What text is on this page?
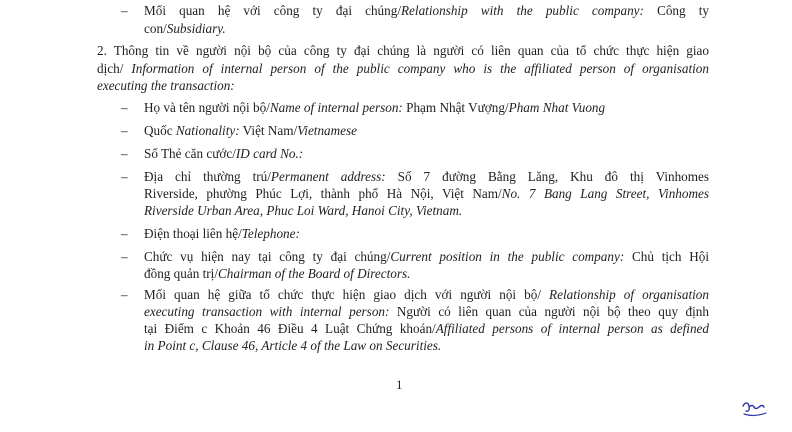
– Mối quan hệ với công ty đại chúng/Relationship with the public company: Công ty
con/Subsidiary.
2. Thông tin về người nội bộ của công ty đại chúng là người có liên quan của tổ chức thực hiện giao
dịch/ Information of internal person of the public company who is the affiliated person of organisation
executing the transaction:
– Họ và tên người nội bộ/Name of internal person: Phạm Nhật Vượng/Pham Nhat Vuong
– Quốc Nationality: Việt Nam/Vietnamese
– Số Thẻ căn cước/ID card No.:
– Địa chỉ thường trú/Permanent address: Số 7 đường Bằng Lăng, Khu đô thị Vinhomes
Riverside, phường Phúc Lợi, thành phố Hà Nội, Việt Nam/No. 7 Bang Lang Street, Vinhomes
Riverside Urban Area, Phuc Loi Ward, Hanoi City, Vietnam.
– Điện thoại liên hệ/Telephone:
– Chức vụ hiện nay tại công ty đại chúng/Current position in the public company: Chủ tịch Hội
đồng quản trị/Chairman of the Board of Directors.
– Mối quan hệ giữa tổ chức thực hiện giao dịch với người nội bộ/ Relationship of organisation
executing transaction with internal person: Người có liên quan của người nội bộ theo quy định
tại Điểm c Khoản 46 Điều 4 Luật Chứng khoán/Affiliated persons of internal person as defined
in Point c, Clause 46, Article 4 of the Law on Securities.
1
